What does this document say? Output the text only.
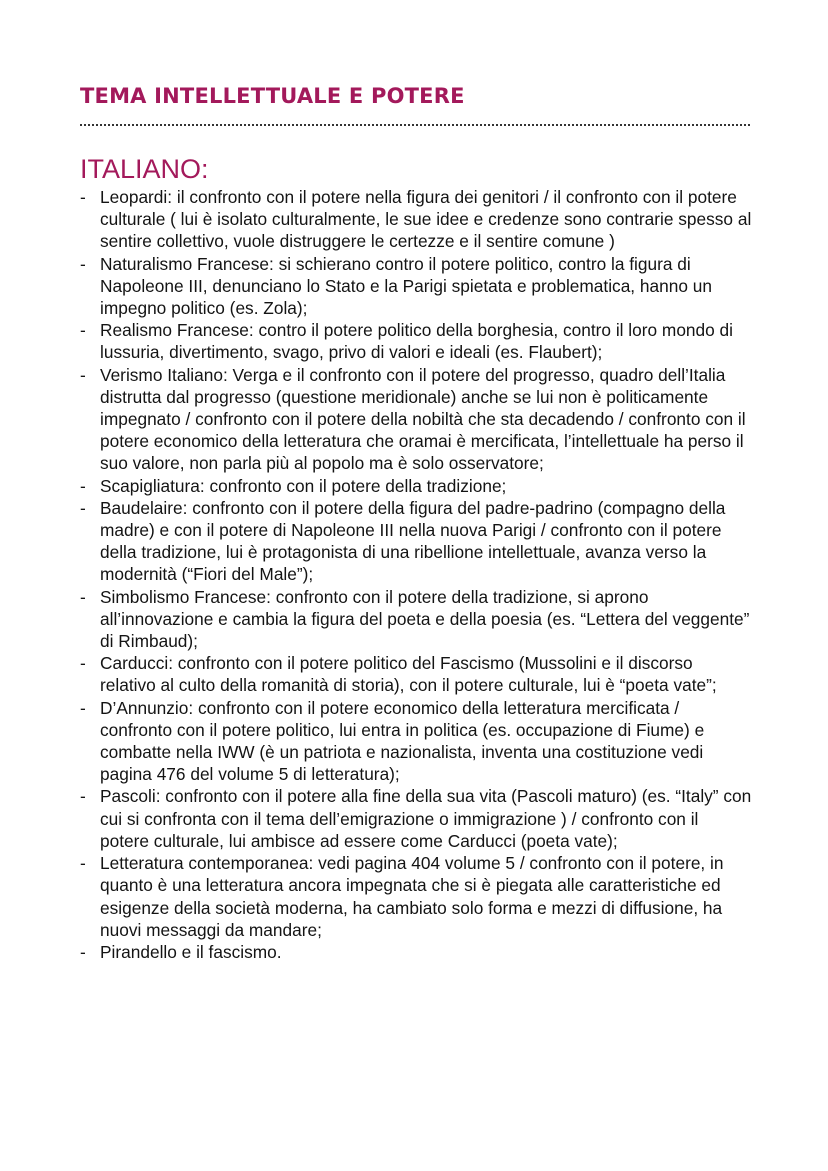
TEMA INTELLETTUALE E POTERE
ITALIANO:
- Leopardi: il confronto con il potere nella figura dei genitori / il confronto con il potere culturale ( lui è isolato culturalmente, le sue idee e credenze sono contrarie spesso al sentire collettivo, vuole distruggere le certezze e il sentire comune )
- Naturalismo Francese: si schierano contro il potere politico, contro la figura di Napoleone III, denunciano lo Stato e la Parigi spietata e problematica, hanno un impegno politico (es. Zola);
- Realismo Francese: contro il potere politico della borghesia, contro il loro mondo di lussuria, divertimento, svago, privo di valori e ideali (es. Flaubert);
- Verismo Italiano: Verga e il confronto con il potere del progresso, quadro dell’Italia distrutta dal progresso (questione meridionale) anche se lui non è politicamente impegnato / confronto con il potere della nobiltà che sta decadendo / confronto con il potere economico della letteratura che oramai è mercificata, l’intellettuale ha perso il suo valore, non parla più al popolo ma è solo osservatore;
- Scapigliatura: confronto con il potere della tradizione;
- Baudelaire: confronto con il potere della figura del padre-padrino (compagno della madre) e con il potere di Napoleone III nella nuova Parigi / confronto con il potere della tradizione, lui è protagonista di una ribellione intellettuale, avanza verso la modernità (“Fiori del Male”);
- Simbolismo Francese: confronto con il potere della tradizione, si aprono all’innovazione e cambia la figura del poeta e della poesia (es. “Lettera del veggente” di Rimbaud);
- Carducci: confronto con il potere politico del Fascismo (Mussolini e il discorso relativo al culto della romanità di storia), con il potere culturale, lui è “poeta vate”;
- D’Annunzio: confronto con il potere economico della letteratura mercificata / confronto con il potere politico, lui entra in politica (es. occupazione di Fiume) e combatte nella IWW (è un patriota e nazionalista, inventa una costituzione vedi pagina 476 del volume 5 di letteratura);
- Pascoli: confronto con il potere alla fine della sua vita (Pascoli maturo) (es. “Italy” con cui si confronta con il tema dell’emigrazione o immigrazione ) / confronto con il potere culturale, lui ambisce ad essere come Carducci (poeta vate);
- Letteratura contemporanea: vedi pagina 404 volume 5 / confronto con il potere, in quanto è una letteratura ancora impegnata che si è piegata alle caratteristiche ed esigenze della società moderna, ha cambiato solo forma e mezzi di diffusione, ha nuovi messaggi da mandare;
- Pirandello e il fascismo.
